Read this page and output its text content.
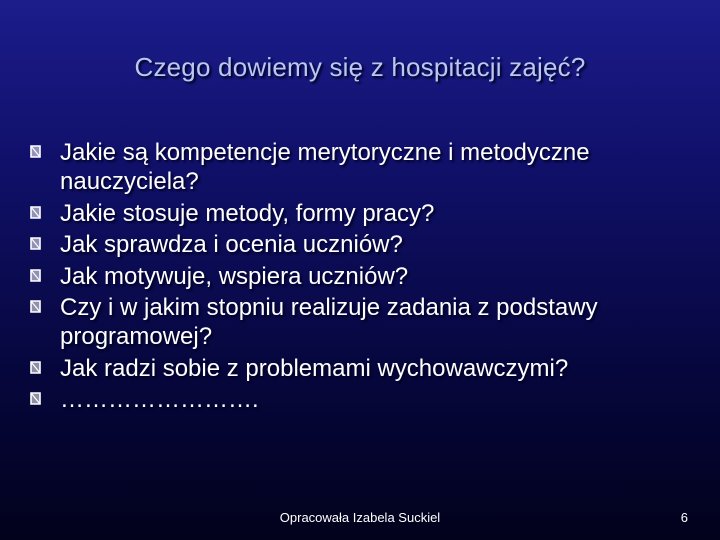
Czego dowiemy się z hospitacji zajęć?
Jakie są kompetencje merytoryczne i metodyczne nauczyciela?
Jakie stosuje metody, formy pracy?
Jak sprawdza i ocenia uczniów?
Jak motywuje, wspiera uczniów?
Czy i w jakim stopniu realizuje zadania z podstawy programowej?
Jak radzi sobie z problemami wychowawczymi?
…………………….
Opracowała Izabela Suckiel	6
